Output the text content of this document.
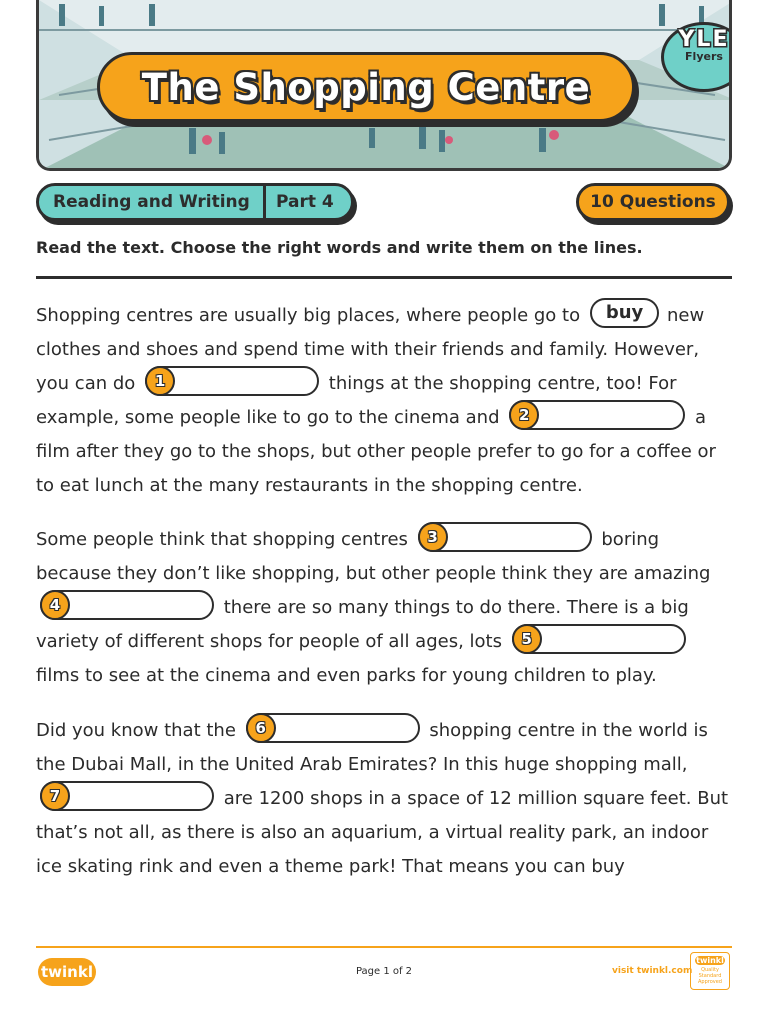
The Shopping Centre
YLE
Flyers
Reading and Writing	Part 4	10 Questions
Read the text. Choose the right words and write them on the lines.
Shopping centres are usually big places, where people go to buy new clothes and shoes and spend time with their friends and family. However, you can do	1	things at the shopping centre, too! For example, some people like to go to the cinema and	2	a film after they go to the shops, but other people prefer to go for a coffee or to eat lunch at the many restaurants in the shopping centre.
Some people think that shopping centres	3	boring because they don’t like shopping, but other people think they are amazing
4	there are so many things to do there. There is a big variety of different shops for people of all ages, lots	5
films to see at the cinema and even parks for young children to play.
Did you know that the	6	shopping centre in the world is the Dubai Mall, in the United Arab Emirates? In this huge shopping mall,
7	are 1200 shops in a space of 12 million square feet. But that’s not all, as there is also an aquarium, a virtual reality park, an indoor ice skating rink and even a theme park! That means you can buy
twinkl	Page 1 of 2	visit twinkl.com
twinkl
Quality Standard Approved
